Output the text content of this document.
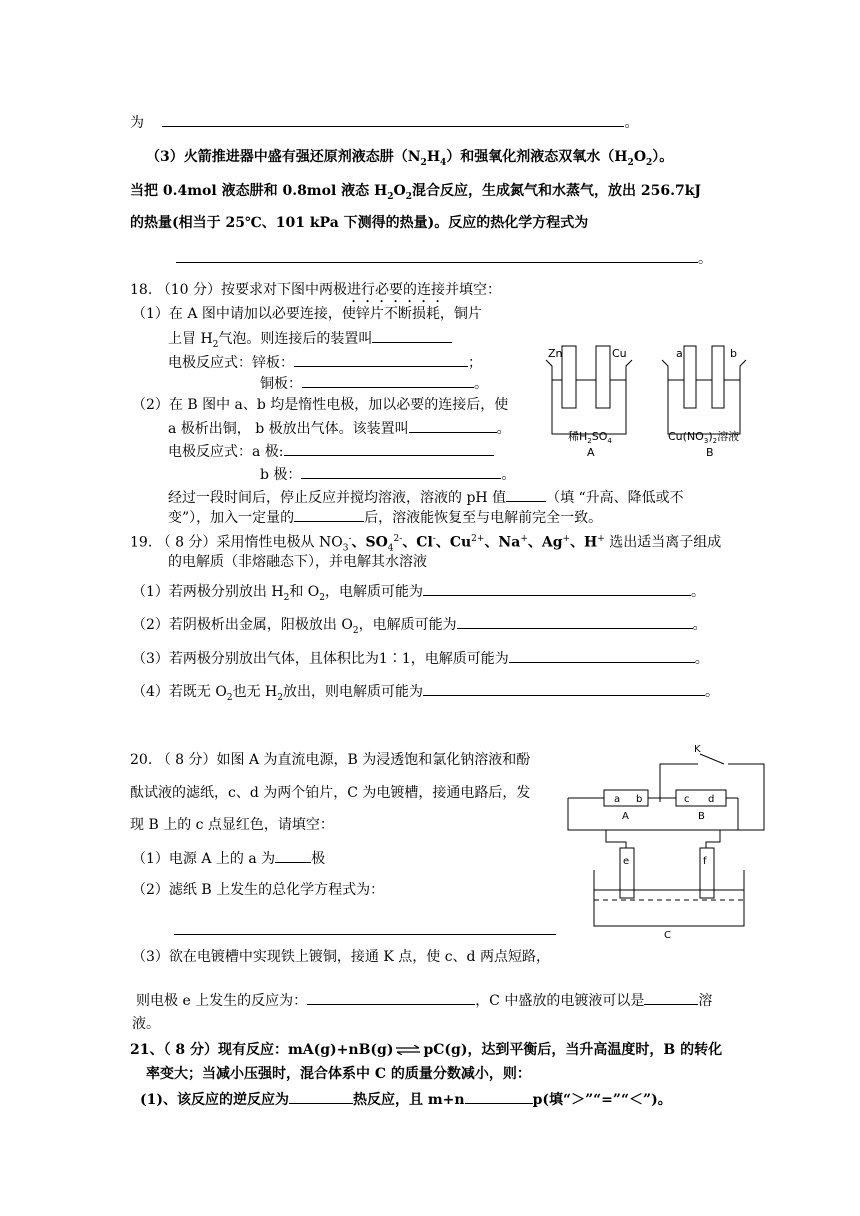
为	。
（3）火箭推进器中盛有强还原剂液态肼$(N_2H_4)$和强氧化剂液态双氧水$(H_2O_2)$。
当把 0.4mol 液态肼和 0.8mol 液态 $H_2O_2$混合反应，生成氮气和水蒸气，放出 256.7kJ
的热量(相当于 25℃、101 kPa 下测得的热量)。反应的热化学方程式为
。
18. （10 分）按要求对下图中两极进行必要的连接并填空：
（1）在 A 图中请加以必要连接，使锌片不断损耗，铜片
上冒 $H_2$气泡。则连接后的装置叫
电极反应式：锌板：	；
铜板：	。
（2）在 B 图中 a、b 均是惰性电极，加以必要的连接后，使
a 极析出铜， b 极放出气体。该装置叫	。
电极反应式：a 极:
b 极：	。
经过一段时间后，停止反应并搅均溶液，溶液的 pH 值	（填 “升高、降低或不
变”），加入一定量的	后，溶液能恢复至与电解前完全一致。
Zn	Cu
稀$H_2SO_4$
A
a	b
$Cu(NO_3)_2$溶液
B
19. （ 8 分）采用惰性电极从 $NO_3^-$、$SO_4^{2-}$、Cl-、$Cu^{2+}$、Na+、Ag+、H+ 选出适当离子组成
的电解质（非熔融态下），并电解其水溶液
（1）若两极分别放出 $H_2$和 $O_2$，电解质可能为	。
（2）若阴极析出金属，阳极放出 $O_2$，电解质可能为	。
（3）若两极分别放出气体，且体积比为1∶1，电解质可能为	。
（4）若既无 $O_2$也无 $H_2$放出，则电解质可能为	。
20. （ 8 分）如图 A 为直流电源，B 为浸透饱和氯化钠溶液和酚
酞试液的滤纸，c、d 为两个铂片，C 为电镀槽，接通电路后，发
现 B 上的 c 点显红色，请填空：
（1）电源 A 上的 a 为	极
（2）滤纸 B 上发生的总化学方程式为：
（3）欲在电镀槽中实现铁上镀铜，接通 K 点，使 c、d 两点短路，
则电极 e 上发生的反应为：	，C 中盛放的电镀液可以是	溶
液。
K
a b	c d
A	B
e	f
C
21、（ 8 分）现有反应：mA(g)+nB(g) ⇌ pC(g)，达到平衡后，当升高温度时，B 的转化
率变大；当减小压强时，混合体系中 C 的质量分数减小，则：
(1)、该反应的逆反应为	热反应，且 m+n	p(填“＞”“=”“＜”)。
